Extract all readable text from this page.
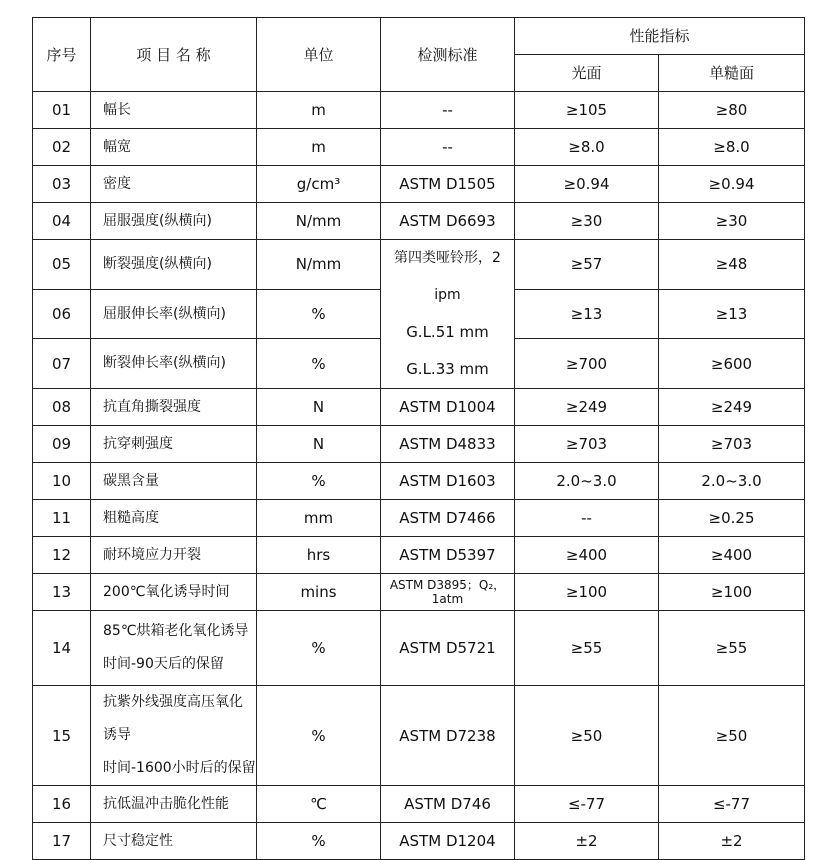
序号	项 目 名 称	单位	检测标准	性能指标	
				光面	单糙面
01	幅长	m	--	≥105	≥80
02	幅宽	m	--	≥8.0	≥8.0
03	密度	g/cm³	ASTM D1505	≥0.94	≥0.94
04	屈服强度(纵横向)	N/mm	ASTM D6693	≥30	≥30
05	断裂强度(纵横向)	N/mm	第四类哑铃形，2 ipm
G.L.51 mm
G.L.33 mm	≥57	≥48
06	屈服伸长率(纵横向)	%		≥13	≥13
07	断裂伸长率(纵横向)	%		≥700	≥600
08	抗直角撕裂强度	N	ASTM D1004	≥249	≥249
09	抗穿刺强度	N	ASTM D4833	≥703	≥703
10	碳黑含量	%	ASTM D1603	2.0~3.0	2.0~3.0
11	粗糙高度	mm	ASTM D7466	--	≥0.25
12	耐环境应力开裂	hrs	ASTM D5397	≥400	≥400
13	200℃氧化诱导时间	mins	ASTM D3895；Q₂，1atm	≥100	≥100
14	85℃烘箱老化氧化诱导
时间-90天后的保留	%	ASTM D5721	≥55	≥55
15	抗紫外线强度高压氧化诱导
时间-1600小时后的保留	%	ASTM D7238	≥50	≥50
16	抗低温冲击脆化性能	℃	ASTM D746	≤-77	≤-77
17	尺寸稳定性	%	ASTM D1204	±2	±2
